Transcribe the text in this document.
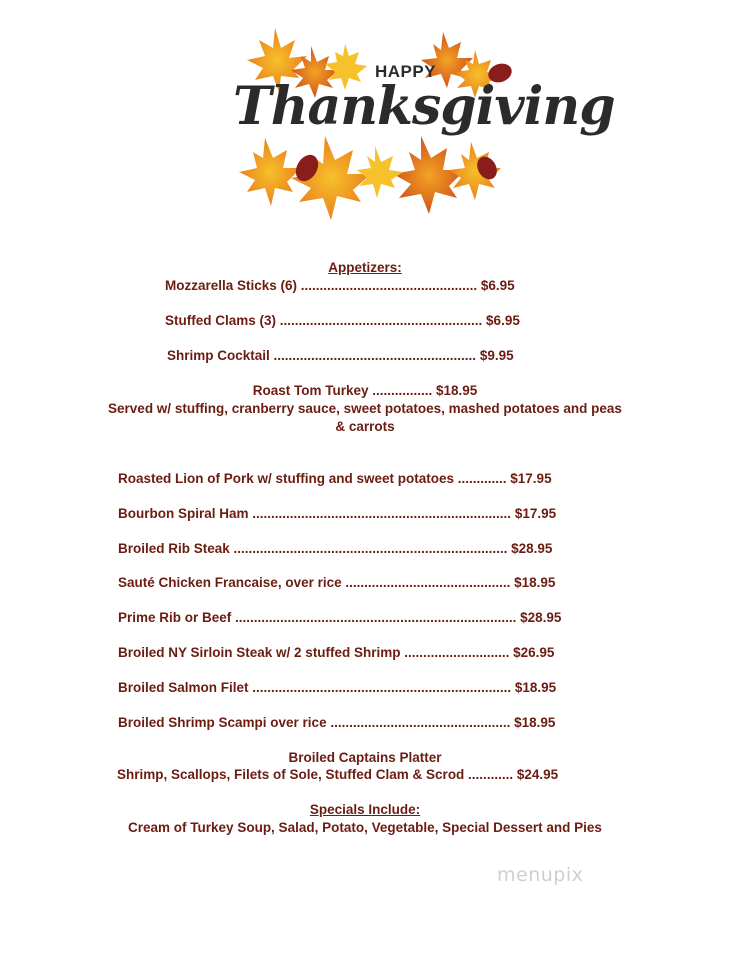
HAPPY
Thanksgiving
Appetizers:
Mozzarella Sticks (6) ............................................... $6.95
Stuffed Clams (3) ...................................................... $6.95
Shrimp Cocktail ...................................................... $9.95
Roast Tom Turkey ................ $18.95
Served w/ stuffing, cranberry sauce, sweet potatoes, mashed potatoes and peas
& carrots
Roasted Lion of Pork w/ stuffing and sweet potatoes ............. $17.95
Bourbon Spiral Ham ..................................................................... $17.95
Broiled Rib Steak ......................................................................... $28.95
Sauté Chicken Francaise, over rice ............................................ $18.95
Prime Rib or Beef ........................................................................... $28.95
Broiled NY Sirloin Steak w/ 2 stuffed Shrimp ............................ $26.95
Broiled Salmon Filet ..................................................................... $18.95
Broiled Shrimp Scampi over rice ................................................ $18.95
Broiled Captains Platter
Shrimp, Scallops, Filets of Sole, Stuffed Clam & Scrod ............ $24.95
Specials Include:
Cream of Turkey Soup, Salad, Potato, Vegetable, Special Dessert and Pies
menupix
